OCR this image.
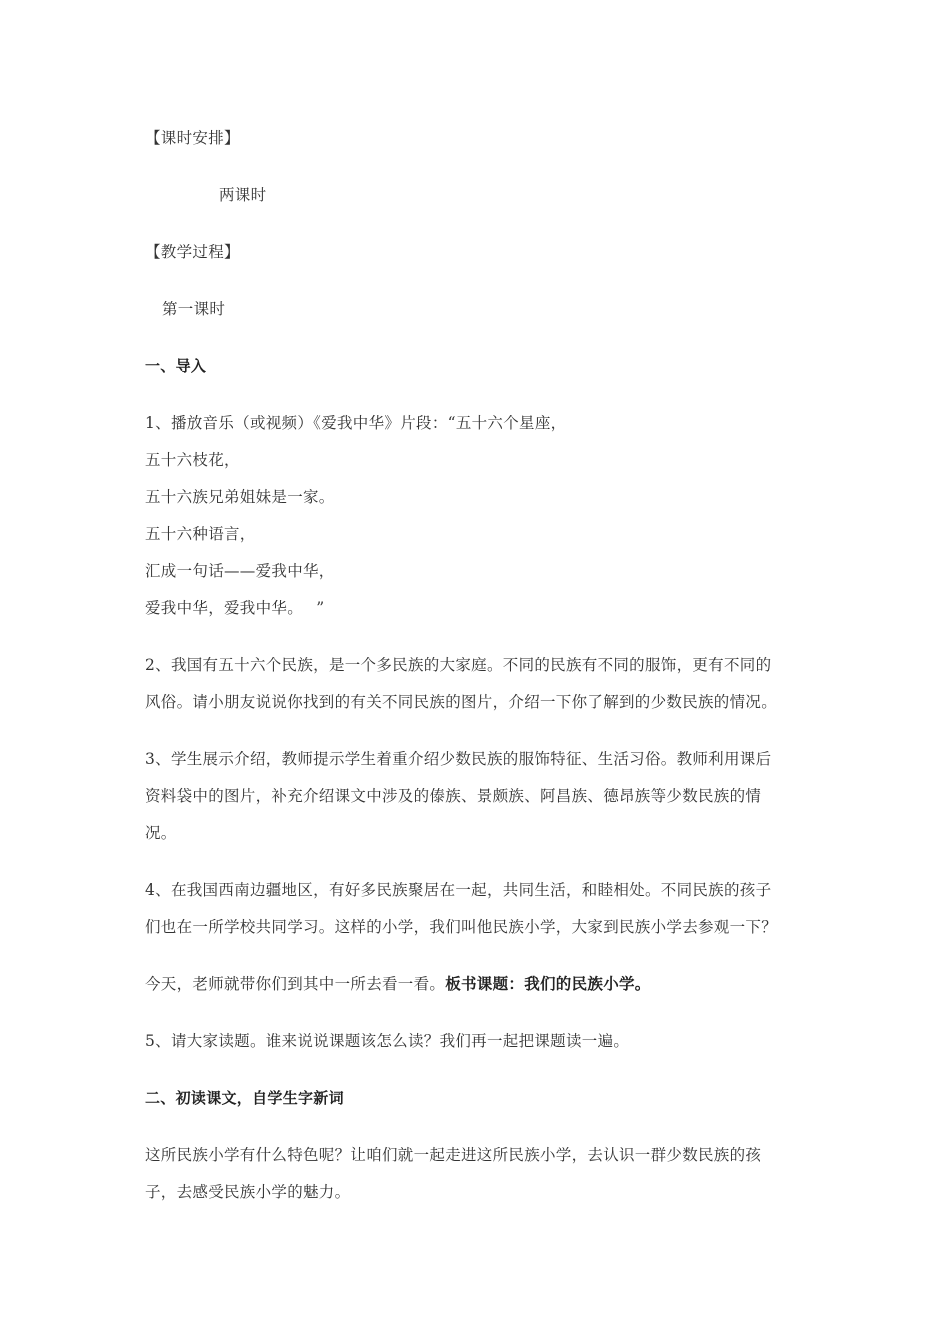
【课时安排】
两课时
【教学过程】
第一课时
一、导入
1、播放音乐（或视频）《爱我中华》片段：“五十六个星座，
五十六枝花，
五十六族兄弟姐妹是一家。
五十六种语言，
汇成一句话——爱我中华，
爱我中华，爱我中华。　 ”
2、我国有五十六个民族，是一个多民族的大家庭。不同的民族有不同的服饰，更有不同的
风俗。请小朋友说说你找到的有关不同民族的图片，介绍一下你了解到的少数民族的情况。
3、学生展示介绍，教师提示学生着重介绍少数民族的服饰特征、生活习俗。教师利用课后
资料袋中的图片，补充介绍课文中涉及的傣族、景颇族、阿昌族、德昂族等少数民族的情
况。
4、在我国西南边疆地区，有好多民族聚居在一起，共同生活，和睦相处。不同民族的孩子
们也在一所学校共同学习。这样的小学，我们叫他民族小学，大家到民族小学去参观一下？
今天，老师就带你们到其中一所去看一看。板书课题：我们的民族小学。
5、请大家读题。谁来说说课题该怎么读？我们再一起把课题读一遍。
二、初读课文，自学生字新词
这所民族小学有什么特色呢？让咱们就一起走进这所民族小学，去认识一群少数民族的孩
子，去感受民族小学的魅力。
